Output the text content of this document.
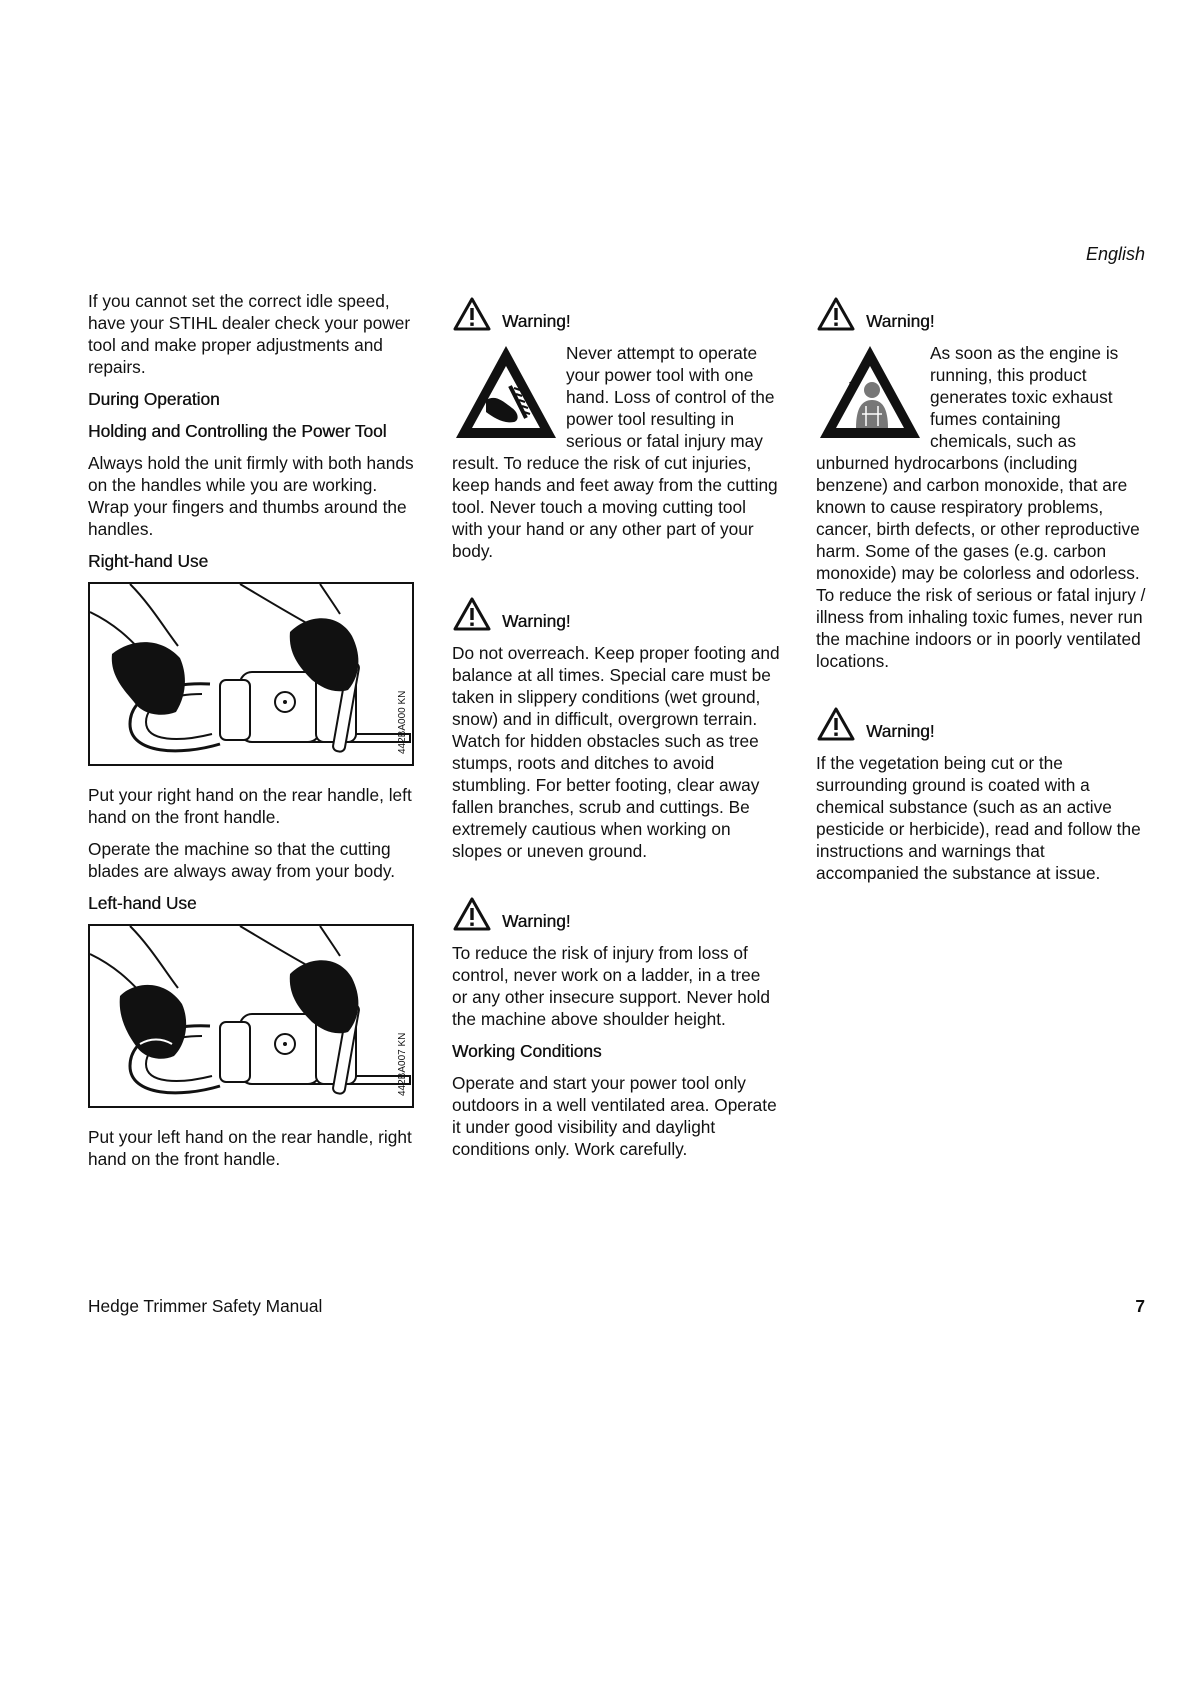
English

If you cannot set the correct idle speed, have your STIHL dealer check your power tool and make proper adjustments and repairs.

During Operation
Holding and Controlling the Power Tool

Always hold the unit firmly with both hands on the handles while you are working. Wrap your fingers and thumbs around the handles.

Right-hand Use
442BA000 KN

Put your right hand on the rear handle, left hand on the front handle.

Operate the machine so that the cutting blades are always away from your body.

Left-hand Use
442BA007 KN

Put your left hand on the rear handle, right hand on the front handle.

Warning!

Never attempt to operate your power tool with one hand. Loss of control of the power tool resulting in serious or fatal injury may result. To reduce the risk of cut injuries, keep hands and feet away from the cutting tool. Never touch a moving cutting tool with your hand or any other part of your body.

Warning!

Do not overreach. Keep proper footing and balance at all times. Special care must be taken in slippery conditions (wet ground, snow) and in difficult, overgrown terrain. Watch for hidden obstacles such as tree stumps, roots and ditches to avoid stumbling. For better footing, clear away fallen branches, scrub and cuttings. Be extremely cautious when working on slopes or uneven ground.

Warning!

To reduce the risk of injury from loss of control, never work on a ladder, in a tree or any other insecure support. Never hold the machine above shoulder height.

Working Conditions

Operate and start your power tool only outdoors in a well ventilated area. Operate it under good visibility and daylight conditions only. Work carefully.

Warning!

As soon as the engine is running, this product generates toxic exhaust fumes containing chemicals, such as unburned hydrocarbons (including benzene) and carbon monoxide, that are known to cause respiratory problems, cancer, birth defects, or other reproductive harm. Some of the gases (e.g. carbon monoxide) may be colorless and odorless. To reduce the risk of serious or fatal injury / illness from inhaling toxic fumes, never run the machine indoors or in poorly ventilated locations.

Warning!

If the vegetation being cut or the surrounding ground is coated with a chemical substance (such as an active pesticide or herbicide), read and follow the instructions and warnings that accompanied the substance at issue.

Hedge Trimmer Safety Manual	7
